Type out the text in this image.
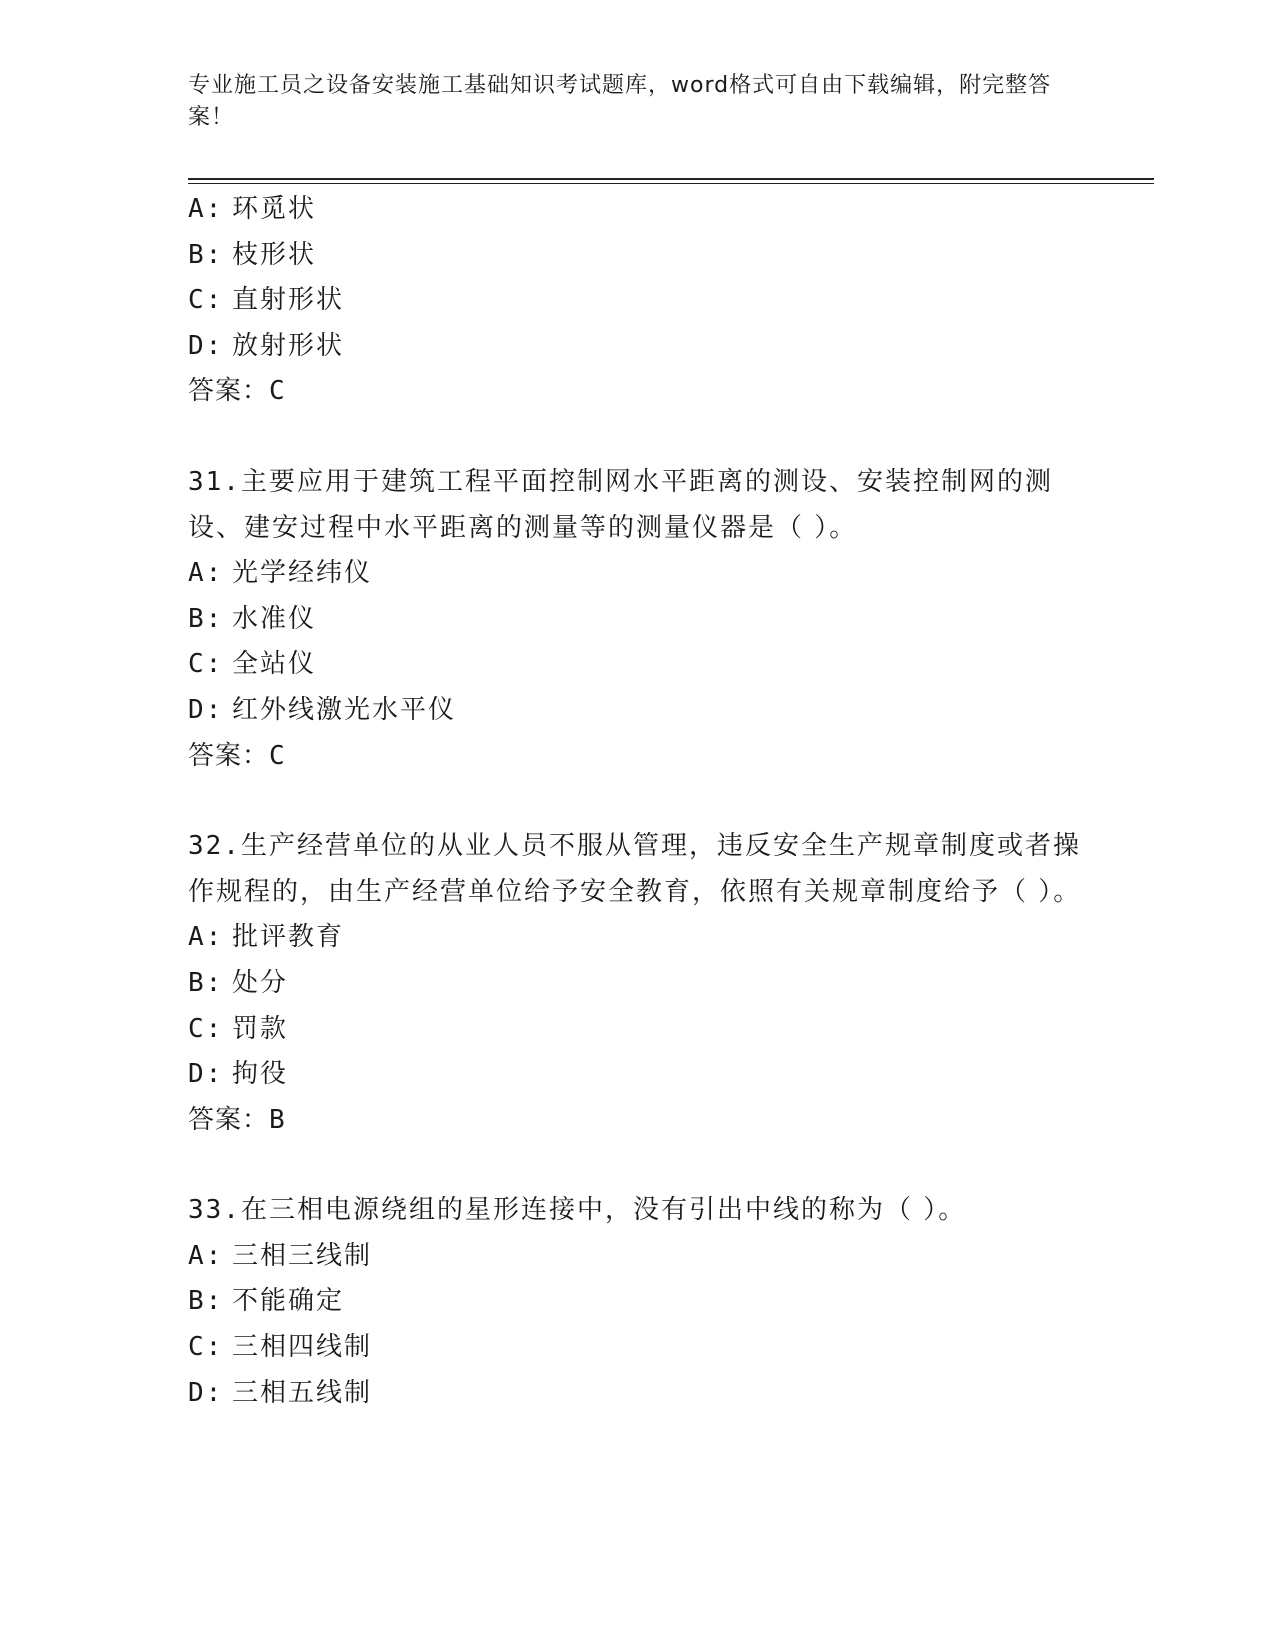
专业施工员之设备安装施工基础知识考试题库，word格式可自由下载编辑，附完整答案！
A: 环觅状
B: 枝形状
C: 直射形状
D: 放射形状
答案：C
31.主要应用于建筑工程平面控制网水平距离的测设、安装控制网的测设、建安过程中水平距离的测量等的测量仪器是（ ）。
A: 光学经纬仪
B: 水准仪
C: 全站仪
D: 红外线激光水平仪
答案：C
32.生产经营单位的从业人员不服从管理，违反安全生产规章制度或者操作规程的，由生产经营单位给予安全教育，依照有关规章制度给予（ ）。
A: 批评教育
B: 处分
C: 罚款
D: 拘役
答案：B
33.在三相电源绕组的星形连接中，没有引出中线的称为（ ）。
A: 三相三线制
B: 不能确定
C: 三相四线制
D: 三相五线制
